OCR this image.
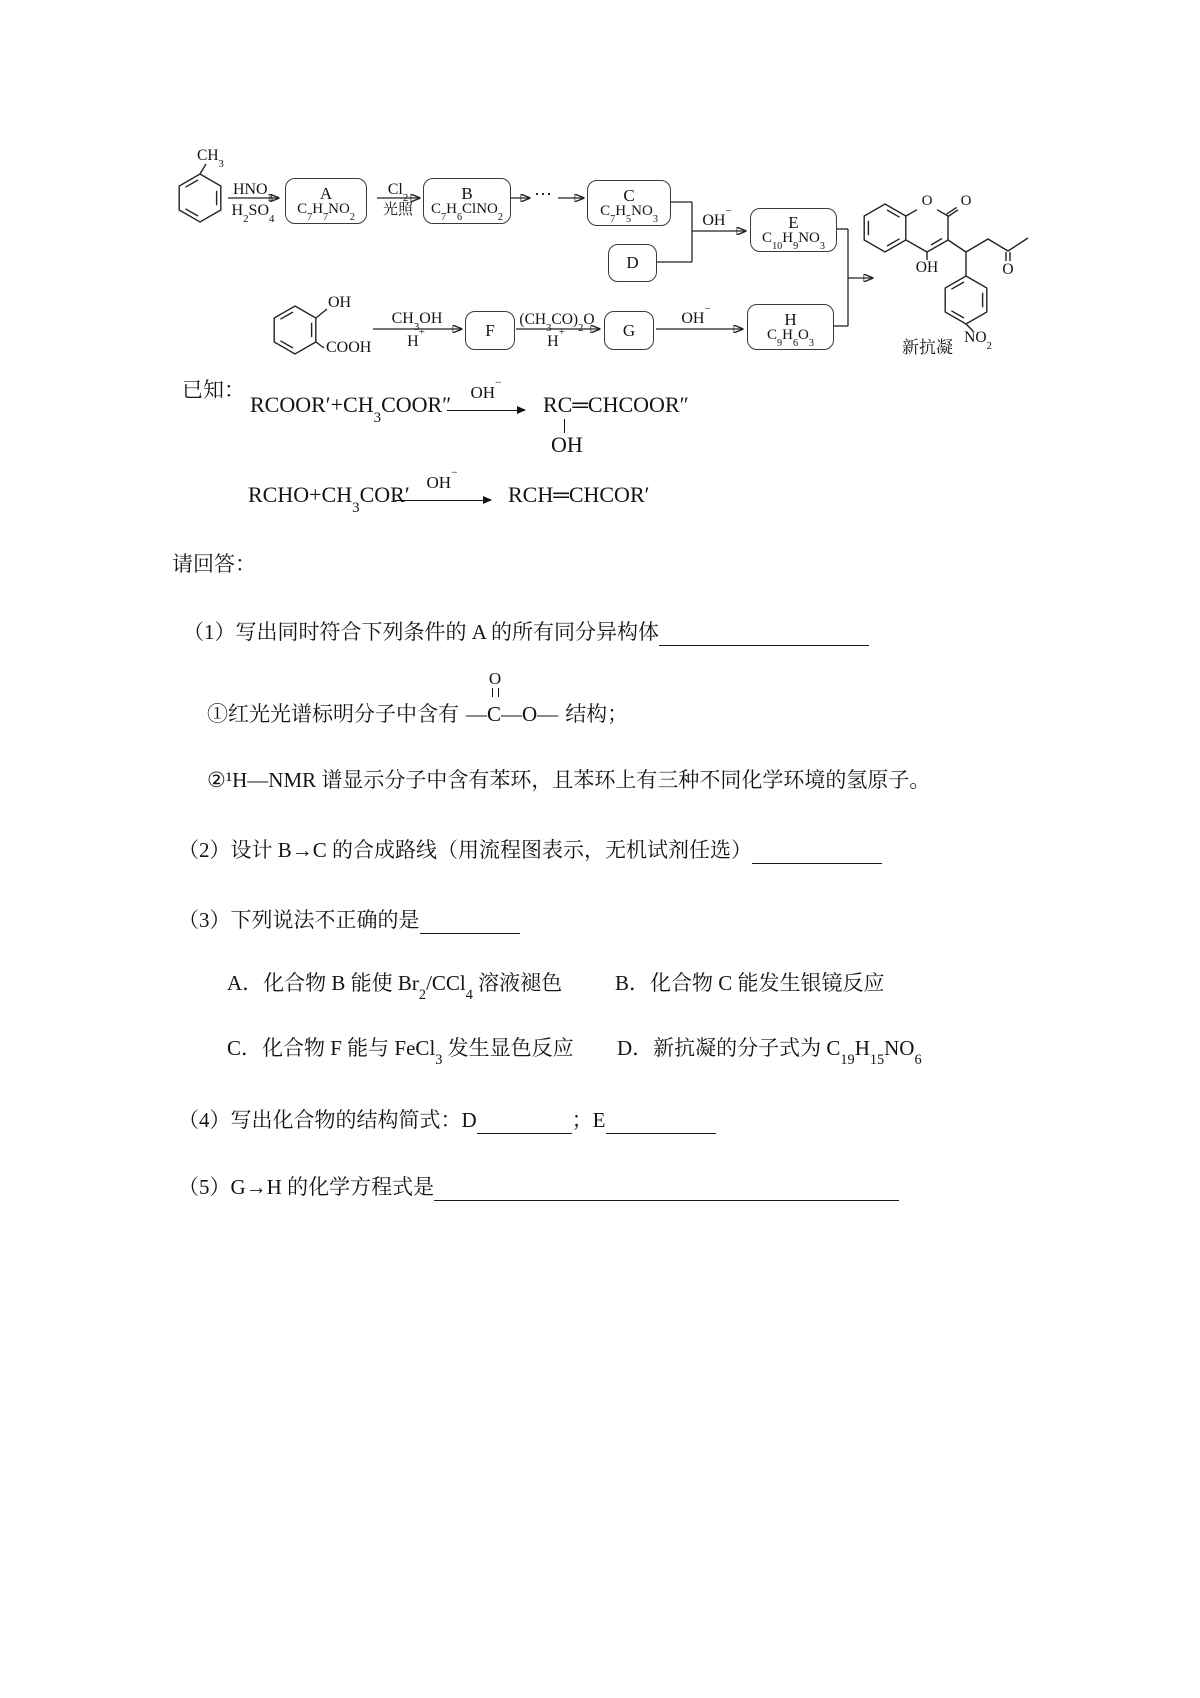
$CH_3$
$HNO_3$
$H_2SO_4$
A
$C_7H_7NO_2$
$Cl_2$
光照
B
$C_7H_6ClNO_2$
⋯	C
$C_7H_5NO_3$
D
OH−
E
$C_{10}H_9NO_3$
OH
COOH
$CH_3OH$
H+	F
$(CH_3CO)_2O$
H+	G
OH−
H
$C_9H_6O_3$
O O
OH	O
$NO_2$
新抗凝
已知：
$RCOOR'+CH_3COOR''$ OH−
RC═CHCOOR″
OH
$RCHO+CH_3COR'$ OH−
RCH═CHCOR′
请回答：
（1）写出同时符合下列条件的 A 的所有同分异构体
①红光光谱标明分子中含有
O
—C—O— 结构；
②¹H—NMR 谱显示分子中含有苯环，且苯环上有三种不同化学环境的氢原子。
（2）设计 B→C 的合成路线（用流程图表示，无机试剂任选）
（3）下列说法不正确的是
A．化合物 B 能使 $Br_2/CCl_4$ 溶液褪色	B．化合物 C 能发生银镜反应
C．化合物 F 能与 FeCl$_3$ 发生显色反应 D．新抗凝的分子式为 $C_{19}H_{15}NO_6$
（4）写出化合物的结构简式：D	；E
（5）G→H 的化学方程式是
